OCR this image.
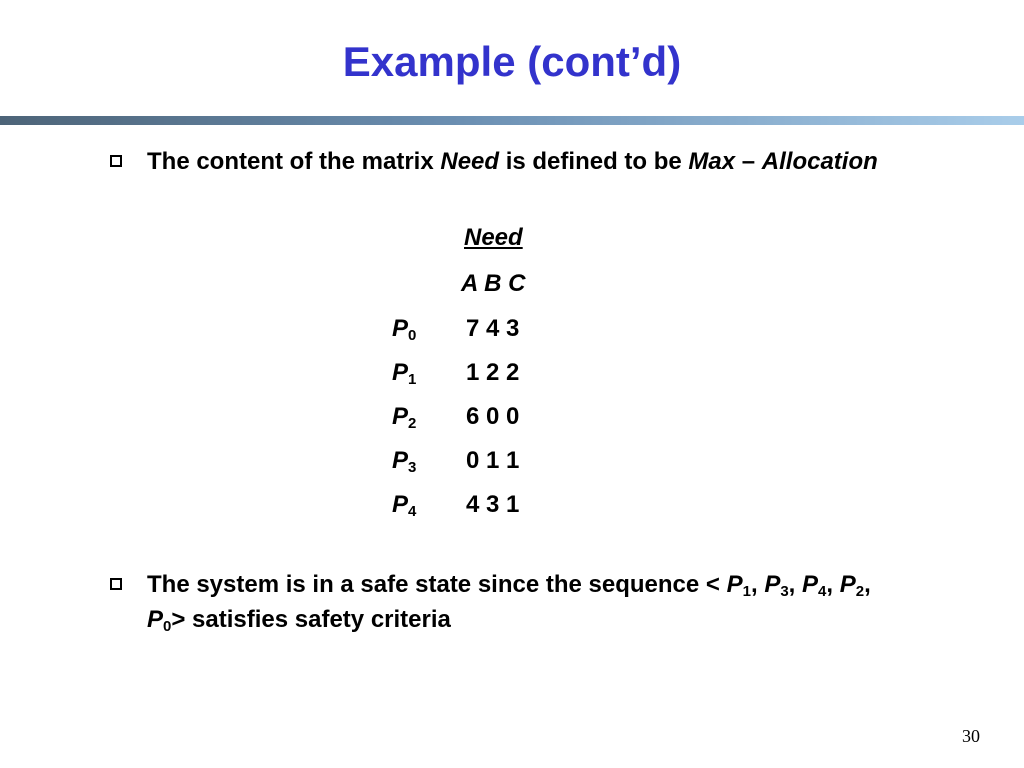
Example (cont’d)
The content of the matrix Need is defined to be Max – Allocation
Need
A B C
$P_0$ 7 4 3
$P_1$ 1 2 2
$P_2$ 6 0 0
$P_3$ 0 1 1
$P_4$ 4 3 1
The system is in a safe state since the sequence < $P_1$, $P_3$, $P_4$, $P_2$, $P_0>$ satisfies safety criteria
30
